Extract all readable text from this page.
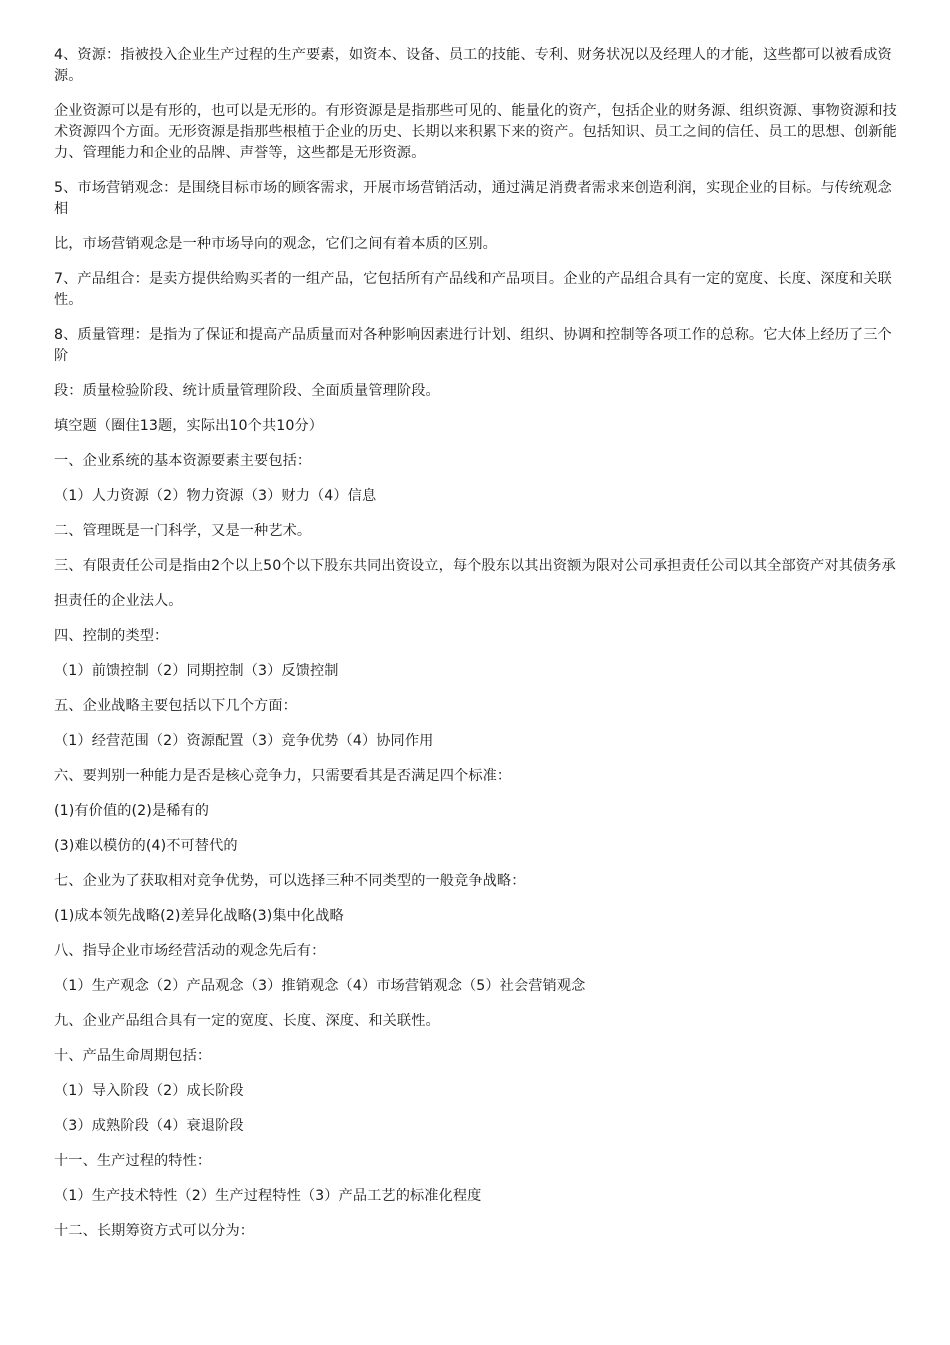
4、资源：指被投入企业生产过程的生产要素，如资本、设备、员工的技能、专利、财务状况以及经理人的才能，这些都可以被看成资源。

企业资源可以是有形的，也可以是无形的。有形资源是是指那些可见的、能量化的资产，包括企业的财务源、组织资源、事物资源和技术资源四个方面。无形资源是指那些根植于企业的历史、长期以来积累下来的资产。包括知识、员工之间的信任、员工的思想、创新能力、管理能力和企业的品牌、声誉等，这些都是无形资源。

5、市场营销观念：是围绕目标市场的顾客需求，开展市场营销活动，通过满足消费者需求来创造利润，实现企业的目标。与传统观念相

比，市场营销观念是一种市场导向的观念，它们之间有着本质的区别。

7、产品组合：是卖方提供给购买者的一组产品，它包括所有产品线和产品项目。企业的产品组合具有一定的宽度、长度、深度和关联性。

8、质量管理：是指为了保证和提高产品质量而对各种影响因素进行计划、组织、协调和控制等各项工作的总称。它大体上经历了三个阶

段：质量检验阶段、统计质量管理阶段、全面质量管理阶段。

填空题（圈住13题，实际出10个共10分）

一、企业系统的基本资源要素主要包括：

（1）人力资源（2）物力资源（3）财力（4）信息

二、管理既是一门科学，又是一种艺术。

三、有限责任公司是指由2个以上50个以下股东共同出资设立，每个股东以其出资额为限对公司承担责任公司以其全部资产对其债务承

担责任的企业法人。

四、控制的类型：

（1）前馈控制（2）同期控制（3）反馈控制

五、企业战略主要包括以下几个方面：

（1）经营范围（2）资源配置（3）竞争优势（4）协同作用

六、要判别一种能力是否是核心竞争力，只需要看其是否满足四个标准：

(1)有价值的(2)是稀有的

(3)难以模仿的(4)不可替代的

七、企业为了获取相对竞争优势，可以选择三种不同类型的一般竞争战略：

(1)成本领先战略(2)差异化战略(3)集中化战略

八、指导企业市场经营活动的观念先后有：

（1）生产观念（2）产品观念（3）推销观念（4）市场营销观念（5）社会营销观念

九、企业产品组合具有一定的宽度、长度、深度、和关联性。

十、产品生命周期包括：

（1）导入阶段（2）成长阶段

（3）成熟阶段（4）衰退阶段

十一、生产过程的特性：

（1）生产技术特性（2）生产过程特性（3）产品工艺的标准化程度

十二、长期筹资方式可以分为：
